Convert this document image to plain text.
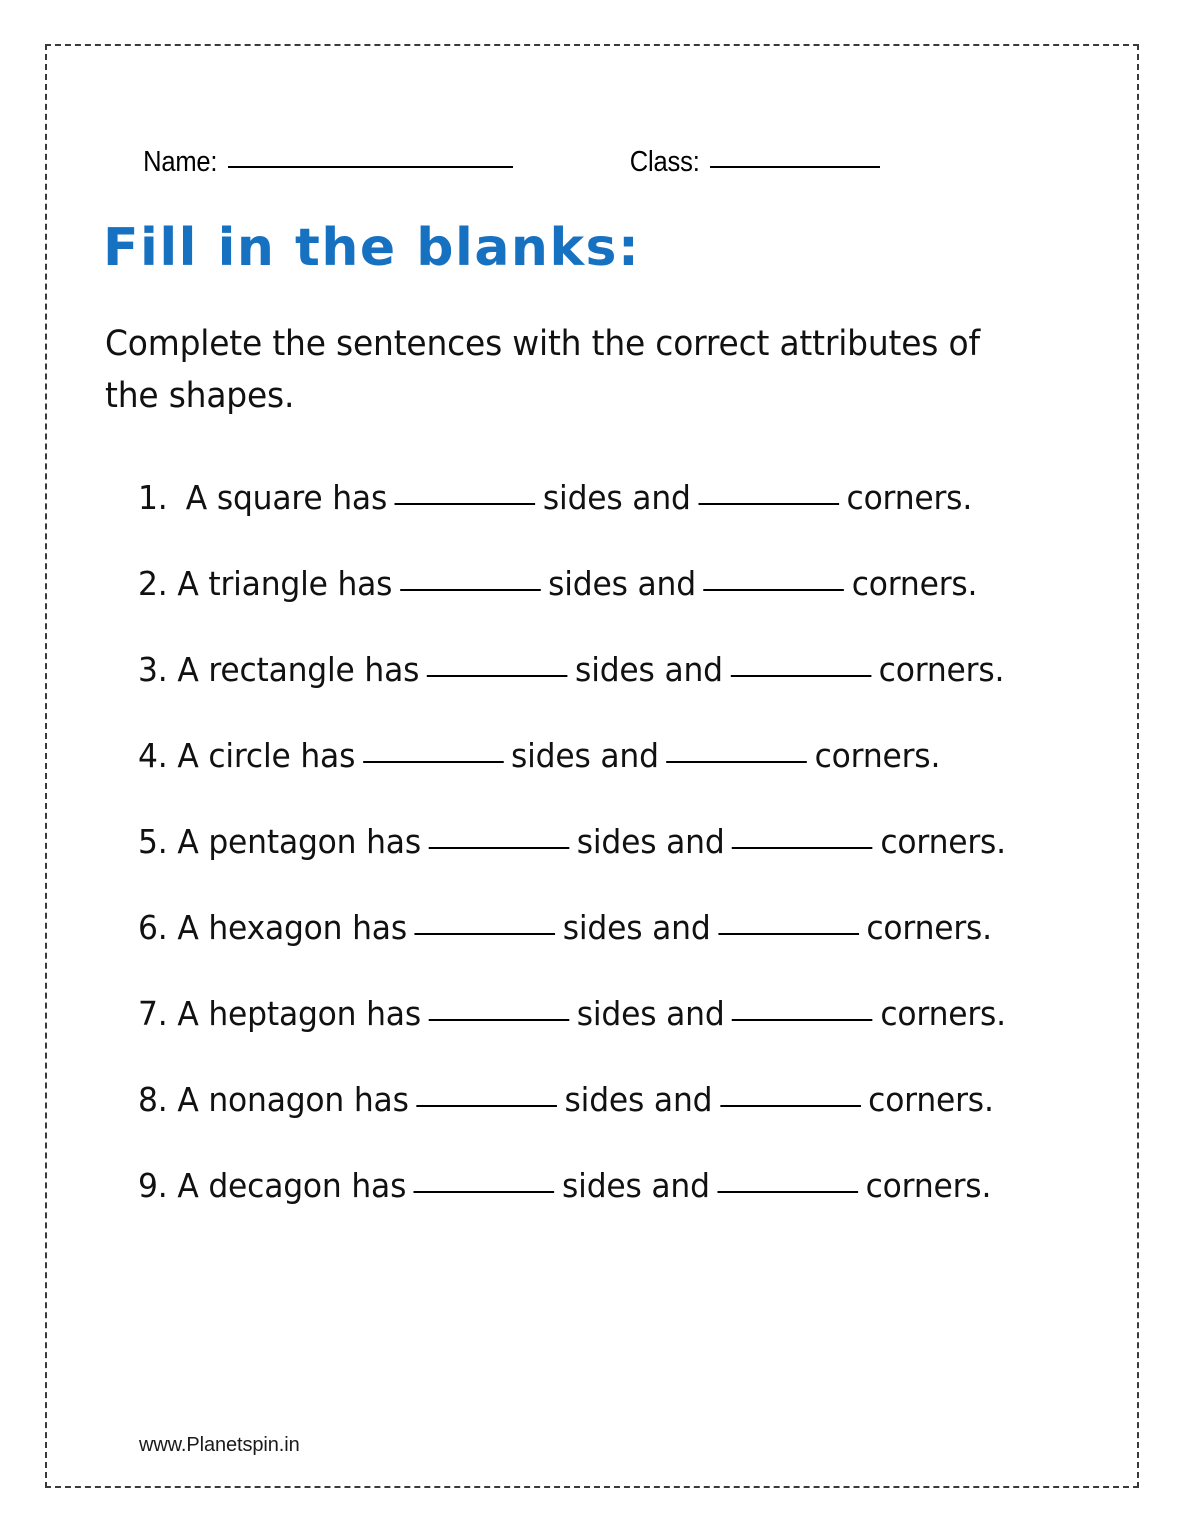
Name:	Class:
Fill in the blanks:
Complete the sentences with the correct attributes of the shapes.
1.
A square has	sides and	corners.
2.
A triangle has	sides and	corners.
3.
A rectangle has	sides and	corners.
4.
A circle has	sides and	corners.
5.
A pentagon has	sides and	corners.
6.
A hexagon has	sides and	corners.
7.
A heptagon has	sides and	corners.
8.
A nonagon has	sides and	corners.
9.
A decagon has	sides and	corners.
www.Planetspin.in
